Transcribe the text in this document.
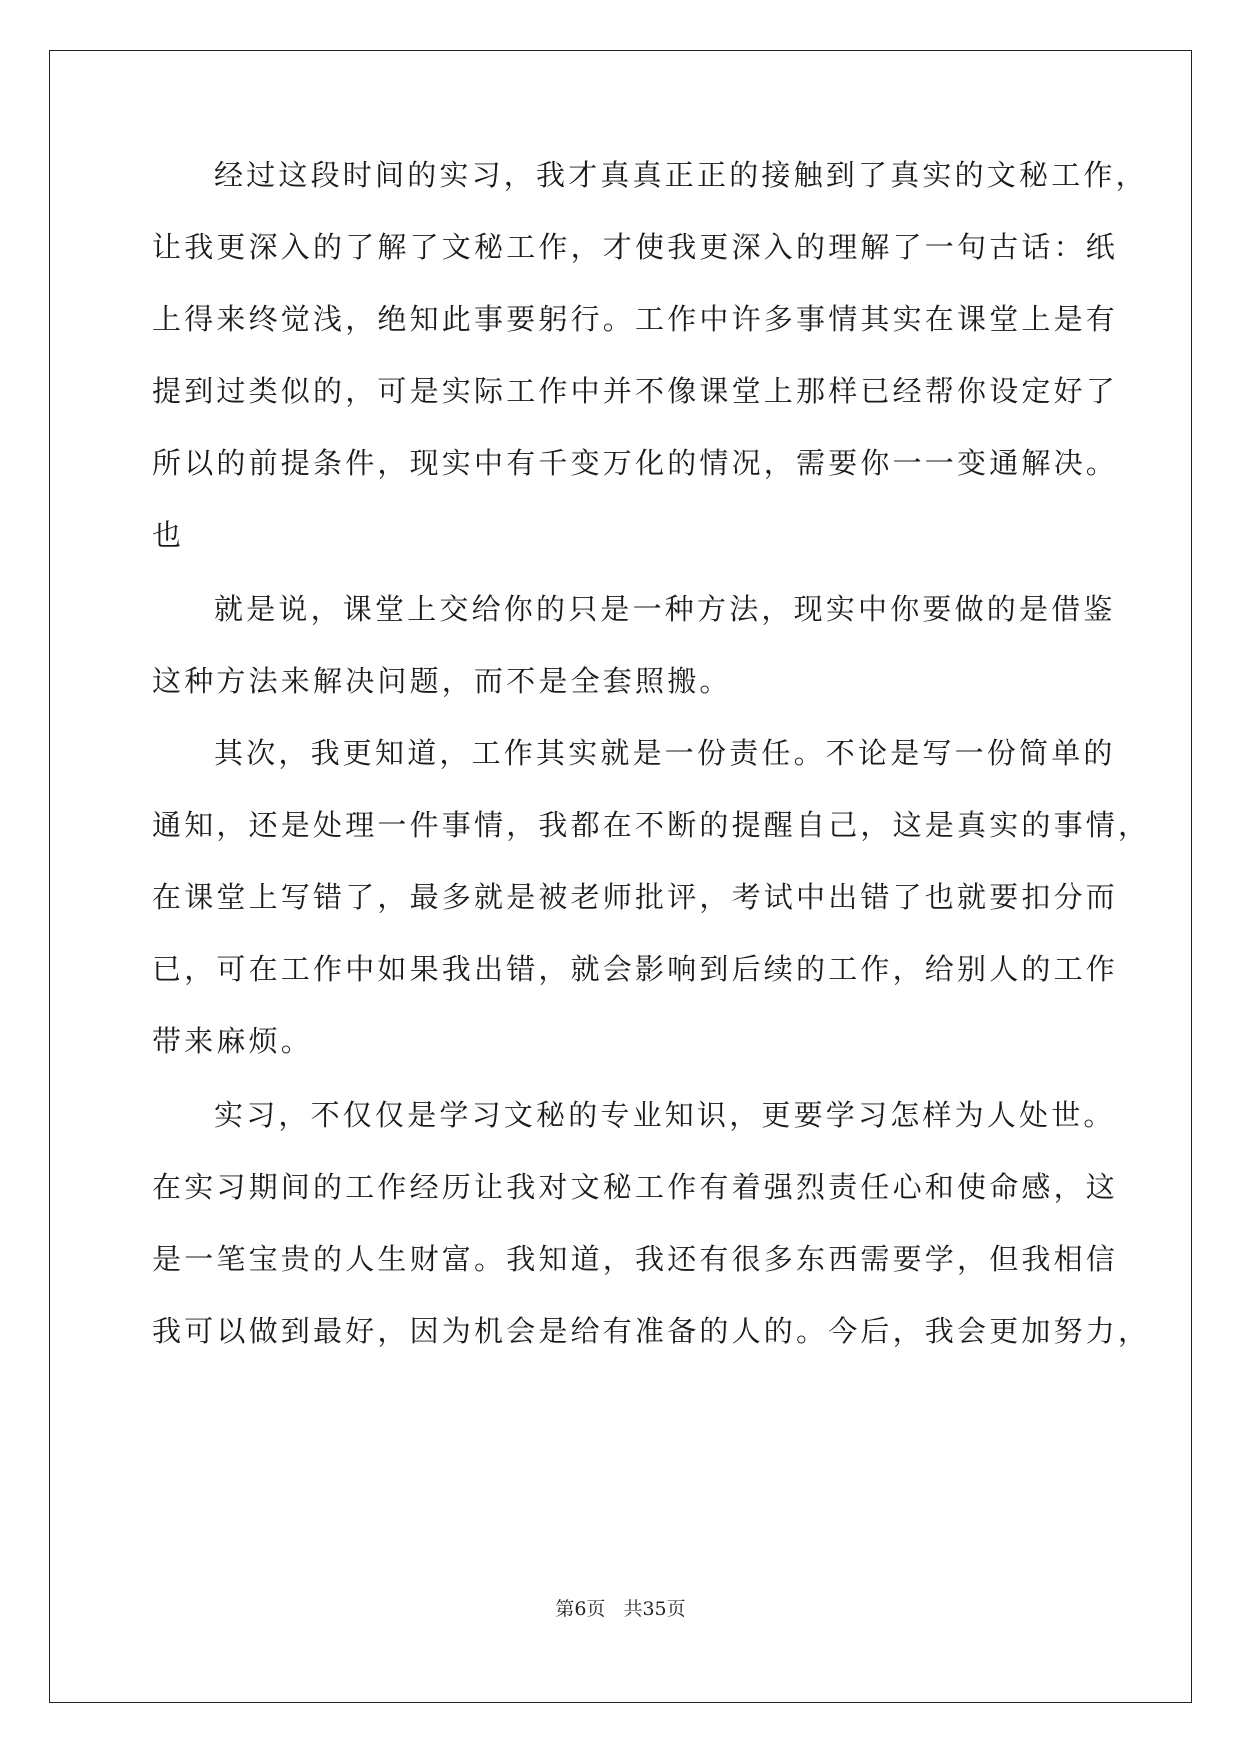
经过这段时间的实习，我才真真正正的接触到了真实的文秘工作，
让我更深入的了解了文秘工作，才使我更深入的理解了一句古话：纸
上得来终觉浅，绝知此事要躬行。工作中许多事情其实在课堂上是有
提到过类似的，可是实际工作中并不像课堂上那样已经帮你设定好了
所以的前提条件，现实中有千变万化的情况，需要你一一变通解决。
也
就是说，课堂上交给你的只是一种方法，现实中你要做的是借鉴
这种方法来解决问题，而不是全套照搬。
其次，我更知道，工作其实就是一份责任。不论是写一份简单的
通知，还是处理一件事情，我都在不断的提醒自己，这是真实的事情，
在课堂上写错了，最多就是被老师批评，考试中出错了也就要扣分而
已，可在工作中如果我出错，就会影响到后续的工作，给别人的工作
带来麻烦。
实习，不仅仅是学习文秘的专业知识，更要学习怎样为人处世。
在实习期间的工作经历让我对文秘工作有着强烈责任心和使命感，这
是一笔宝贵的人生财富。我知道，我还有很多东西需要学，但我相信
我可以做到最好，因为机会是给有准备的人的。今后，我会更加努力，
第6页 共35页
